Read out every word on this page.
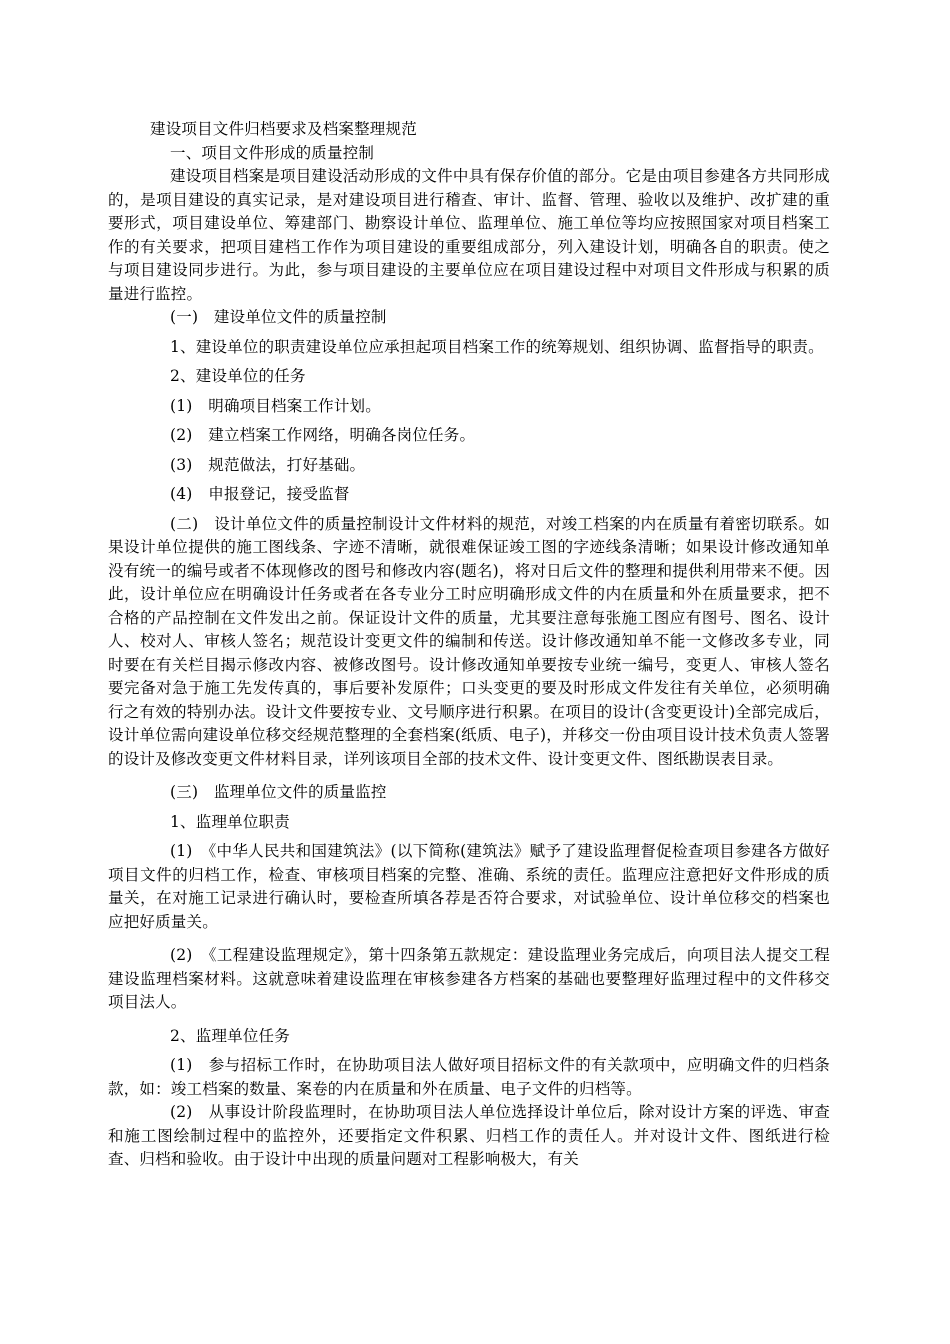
建设项目文件归档要求及档案整理规范

一、项目文件形成的质量控制

建设项目档案是项目建设活动形成的文件中具有保存价值的部分。它是由项目参建各方共同形成的，是项目建设的真实记录，是对建设项目进行稽查、审计、监督、管理、验收以及维护、改扩建的重要形式，项目建设单位、筹建部门、勘察设计单位、监理单位、施工单位等均应按照国家对项目档案工作的有关要求，把项目建档工作作为项目建设的重要组成部分，列入建设计划，明确各自的职责。使之与项目建设同步进行。为此，参与项目建设的主要单位应在项目建设过程中对项目文件形成与积累的质量进行监控。

(一)　建设单位文件的质量控制

1、建设单位的职责建设单位应承担起项目档案工作的统筹规划、组织协调、监督指导的职责。

2、建设单位的任务

(1)　明确项目档案工作计划。

(2)　建立档案工作网络，明确各岗位任务。

(3)　规范做法，打好基础。

(4)　申报登记，接受监督

(二)　设计单位文件的质量控制设计文件材料的规范，对竣工档案的内在质量有着密切联系。如果设计单位提供的施工图线条、字迹不清晰，就很难保证竣工图的字迹线条清晰；如果设计修改通知单没有统一的编号或者不体现修改的图号和修改内容(题名)，将对日后文件的整理和提供利用带来不便。因此，设计单位应在明确设计任务或者在各专业分工时应明确形成文件的内在质量和外在质量要求，把不合格的产品控制在文件发出之前。保证设计文件的质量，尤其要注意每张施工图应有图号、图名、设计人、校对人、审核人签名；规范设计变更文件的编制和传送。设计修改通知单不能一文修改多专业，同时要在有关栏目揭示修改内容、被修改图号。设计修改通知单要按专业统一编号，变更人、审核人签名要完备对急于施工先发传真的，事后要补发原件；口头变更的要及时形成文件发往有关单位，必须明确行之有效的特别办法。设计文件要按专业、文号顺序进行积累。在项目的设计(含变更设计)全部完成后，设计单位需向建设单位移交经规范整理的全套档案(纸质、电子)，并移交一份由项目设计技术负责人签署的设计及修改变更文件材料目录，详列该项目全部的技术文件、设计变更文件、图纸勘误表目录。

(三)　监理单位文件的质量监控

1、监理单位职责

(1)　《中华人民共和国建筑法》(以下简称(建筑法》赋予了建设监理督促检查项目参建各方做好项目文件的归档工作，检查、审核项目档案的完整、准确、系统的责任。监理应注意把好文件形成的质量关，在对施工记录进行确认时，要检查所填各荐是否符合要求，对试验单位、设计单位移交的档案也应把好质量关。

(2)　《工程建设监理规定》，第十四条第五款规定：建设监理业务完成后，向项目法人提交工程建设监理档案材料。这就意味着建设监理在审核参建各方档案的基础也要整理好监理过程中的文件移交项目法人。

2、监理单位任务

(1)　参与招标工作时，在协助项目法人做好项目招标文件的有关款项中，应明确文件的归档条款，如：竣工档案的数量、案卷的内在质量和外在质量、电子文件的归档等。

(2)　从事设计阶段监理时，在协助项目法人单位选择设计单位后，除对设计方案的评选、审查和施工图绘制过程中的监控外，还要指定文件积累、归档工作的责任人。并对设计文件、图纸进行检查、归档和验收。由于设计中出现的质量问题对工程影响极大，有关
